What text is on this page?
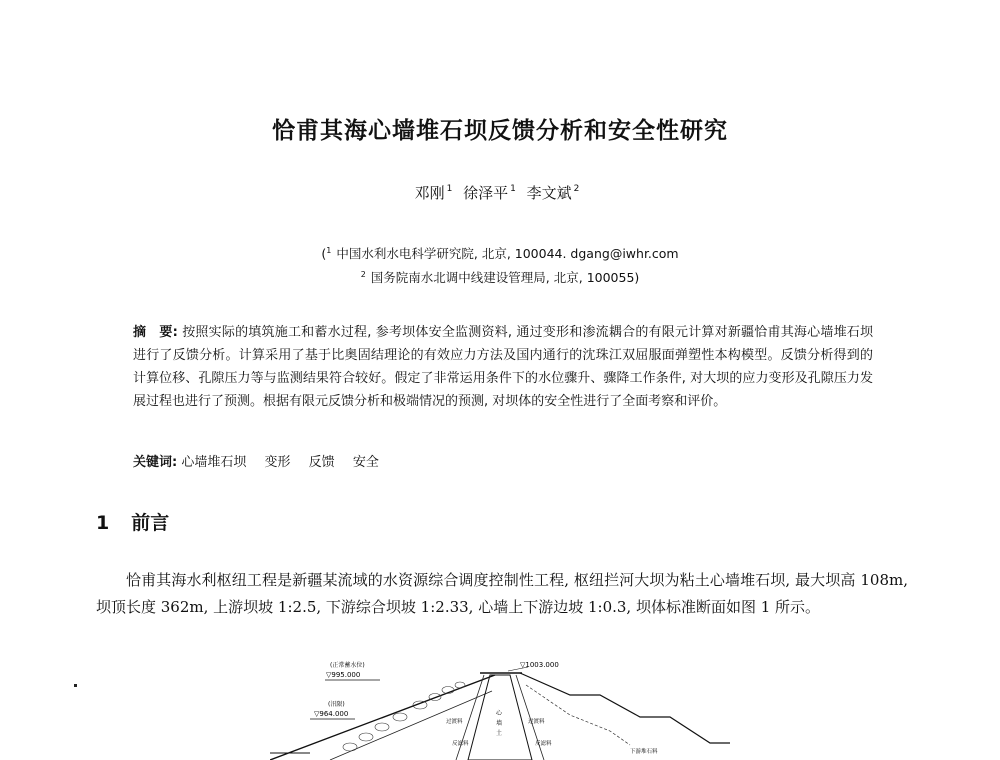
恰甫其海心墙堆石坝反馈分析和安全性研究
邓刚 $^1$ 徐泽平 $^1$ 李文斌 $^2$
($^1$ 中国水利水电科学研究院, 北京, 100044. dgang@iwhr.com
$^2$ 国务院南水北调中线建设管理局, 北京, 100055)
摘　要: 按照实际的填筑施工和蓄水过程, 参考坝体安全监测资料, 通过变形和渗流耦合的有限元计算对新疆恰甫其海心墙堆石坝进行了反馈分析。计算采用了基于比奥固结理论的有效应力方法及国内通行的沈珠江双屈服面弹塑性本构模型。反馈分析得到的计算位移、孔隙压力等与监测结果符合较好。假定了非常运用条件下的水位骤升、骤降工作条件, 对大坝的应力变形及孔隙压力发展过程也进行了预测。根据有限元反馈分析和极端情况的预测, 对坝体的安全性进行了全面考察和评价。
关键词: 心墙堆石坝 变形 反馈 安全
1 前言
恰甫其海水利枢纽工程是新疆某流域的水资源综合调度控制性工程, 枢纽拦河大坝为粘土心墙堆石坝, 最大坝高 108m, 坝顶长度 362m, 上游坝坡 1:2.5, 下游综合坝坡 1:2.33, 心墙上下游边坡 1:0.3, 坝体标准断面如图 1 所示。
(正常蓄水位)
▽995.000
▽1003.000
(汛限)
▽964.000	心
墙
土
过渡料
反滤料
过渡料
反滤料
下游堆石料
